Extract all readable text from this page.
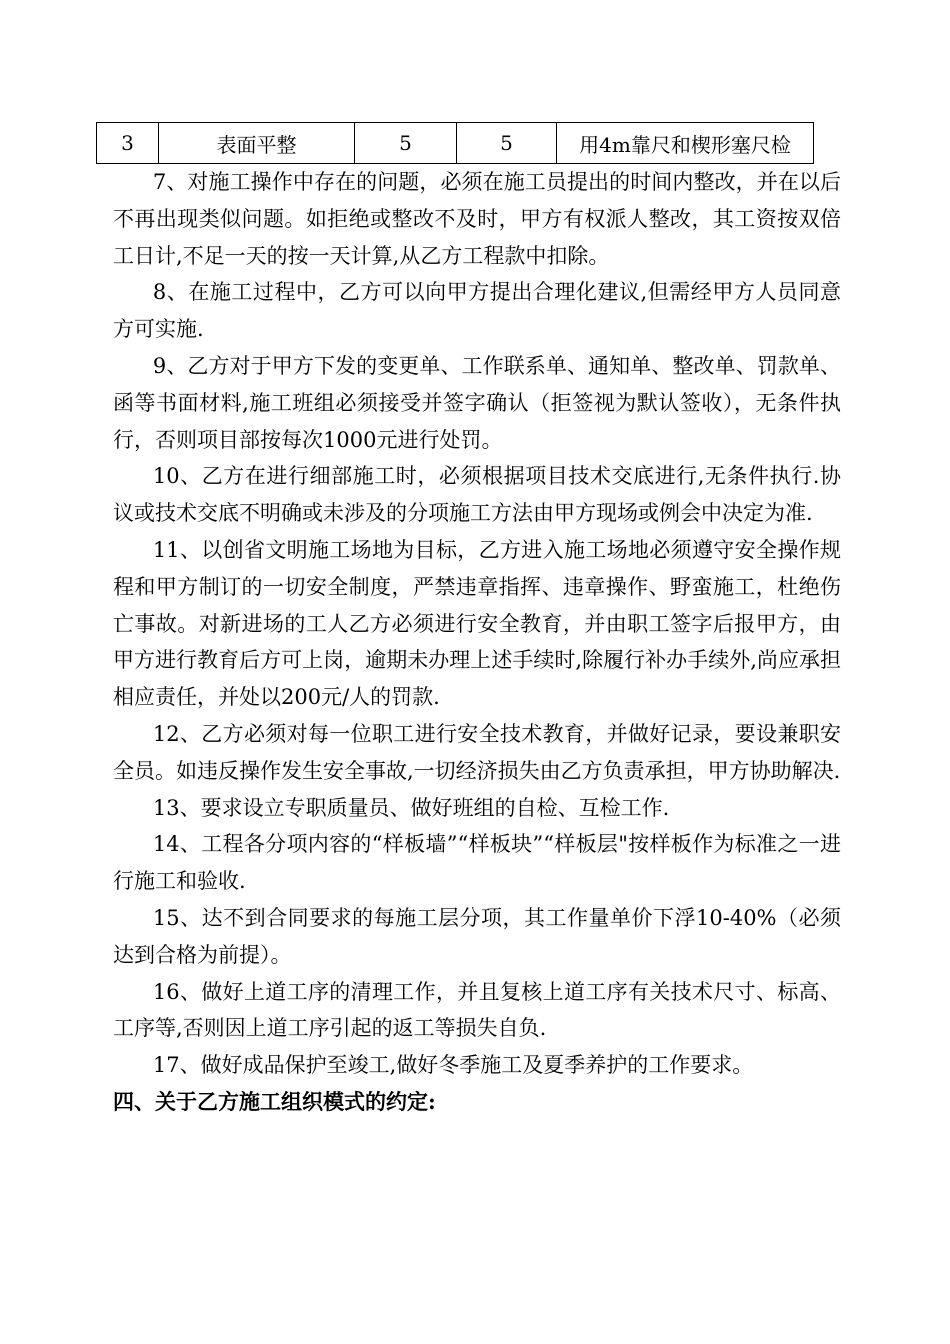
3	表面平整	5	5	用4m靠尺和楔形塞尺检

7、对施工操作中存在的问题，必须在施工员提出的时间内整改，并在以后不再出现类似问题。如拒绝或整改不及时，甲方有权派人整改，其工资按双倍工日计,不足一天的按一天计算,从乙方工程款中扣除。

8、在施工过程中，乙方可以向甲方提出合理化建议,但需经甲方人员同意方可实施.

9、乙方对于甲方下发的变更单、工作联系单、通知单、整改单、罚款单、函等书面材料,施工班组必须接受并签字确认（拒签视为默认签收），无条件执行，否则项目部按每次1000元进行处罚。

10、乙方在进行细部施工时，必须根据项目技术交底进行,无条件执行.协议或技术交底不明确或未涉及的分项施工方法由甲方现场或例会中决定为准.

11、以创省文明施工场地为目标，乙方进入施工场地必须遵守安全操作规程和甲方制订的一切安全制度，严禁违章指挥、违章操作、野蛮施工，杜绝伤亡事故。对新进场的工人乙方必须进行安全教育，并由职工签字后报甲方，由甲方进行教育后方可上岗，逾期未办理上述手续时,除履行补办手续外,尚应承担相应责任，并处以200元/人的罚款.

12、乙方必须对每一位职工进行安全技术教育，并做好记录，要设兼职安全员。如违反操作发生安全事故,一切经济损失由乙方负责承担，甲方协助解决.

13、要求设立专职质量员、做好班组的自检、互检工作.

14、工程各分项内容的“样板墙”“样板块”“样板层"按样板作为标准之一进行施工和验收.

15、达不到合同要求的每施工层分项，其工作量单价下浮10-40%（必须达到合格为前提）。

16、做好上道工序的清理工作，并且复核上道工序有关技术尺寸、标高、工序等,否则因上道工序引起的返工等损失自负.

17、做好成品保护至竣工,做好冬季施工及夏季养护的工作要求。

四、关于乙方施工组织模式的约定:
